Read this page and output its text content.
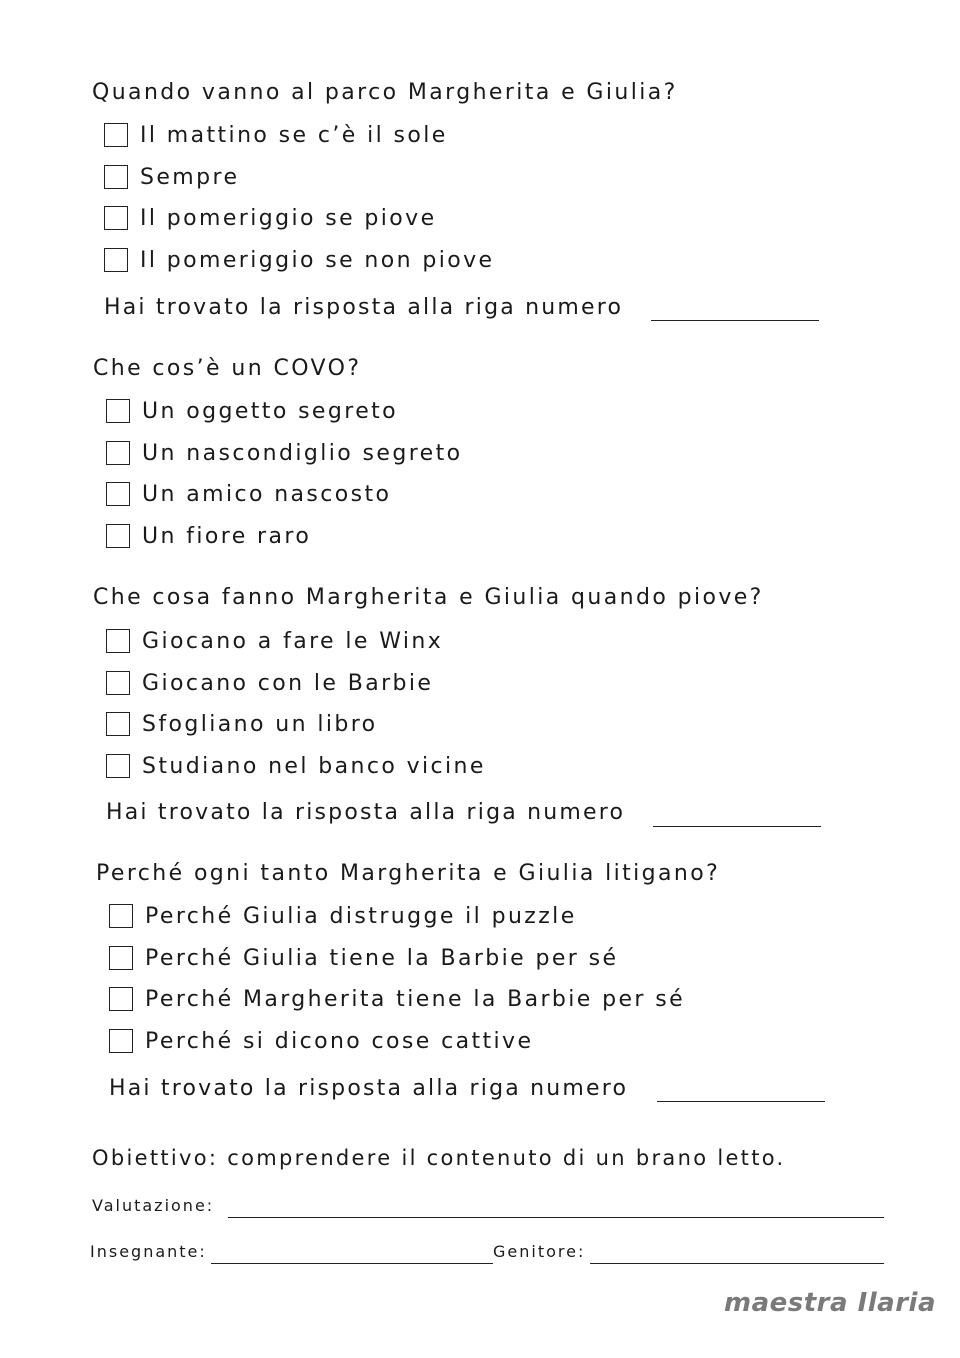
Quando vanno al parco Margherita e Giulia?
Il mattino se c’è il sole
Sempre
Il pomeriggio se piove
Il pomeriggio se non piove
Hai trovato la risposta alla riga numero
Che cos’è un COVO?
Un oggetto segreto
Un nascondiglio segreto
Un amico nascosto
Un fiore raro
Che cosa fanno Margherita e Giulia quando piove?
Giocano a fare le Winx
Giocano con le Barbie
Sfogliano un libro
Studiano nel banco vicine
Hai trovato la risposta alla riga numero
Perché ogni tanto Margherita e Giulia litigano?
Perché Giulia distrugge il puzzle
Perché Giulia tiene la Barbie per sé
Perché Margherita tiene la Barbie per sé
Perché si dicono cose cattive
Hai trovato la risposta alla riga numero
Obiettivo: comprendere il contenuto di un brano letto.
Valutazione:
Insegnante:	Genitore:
maestra Ilaria
